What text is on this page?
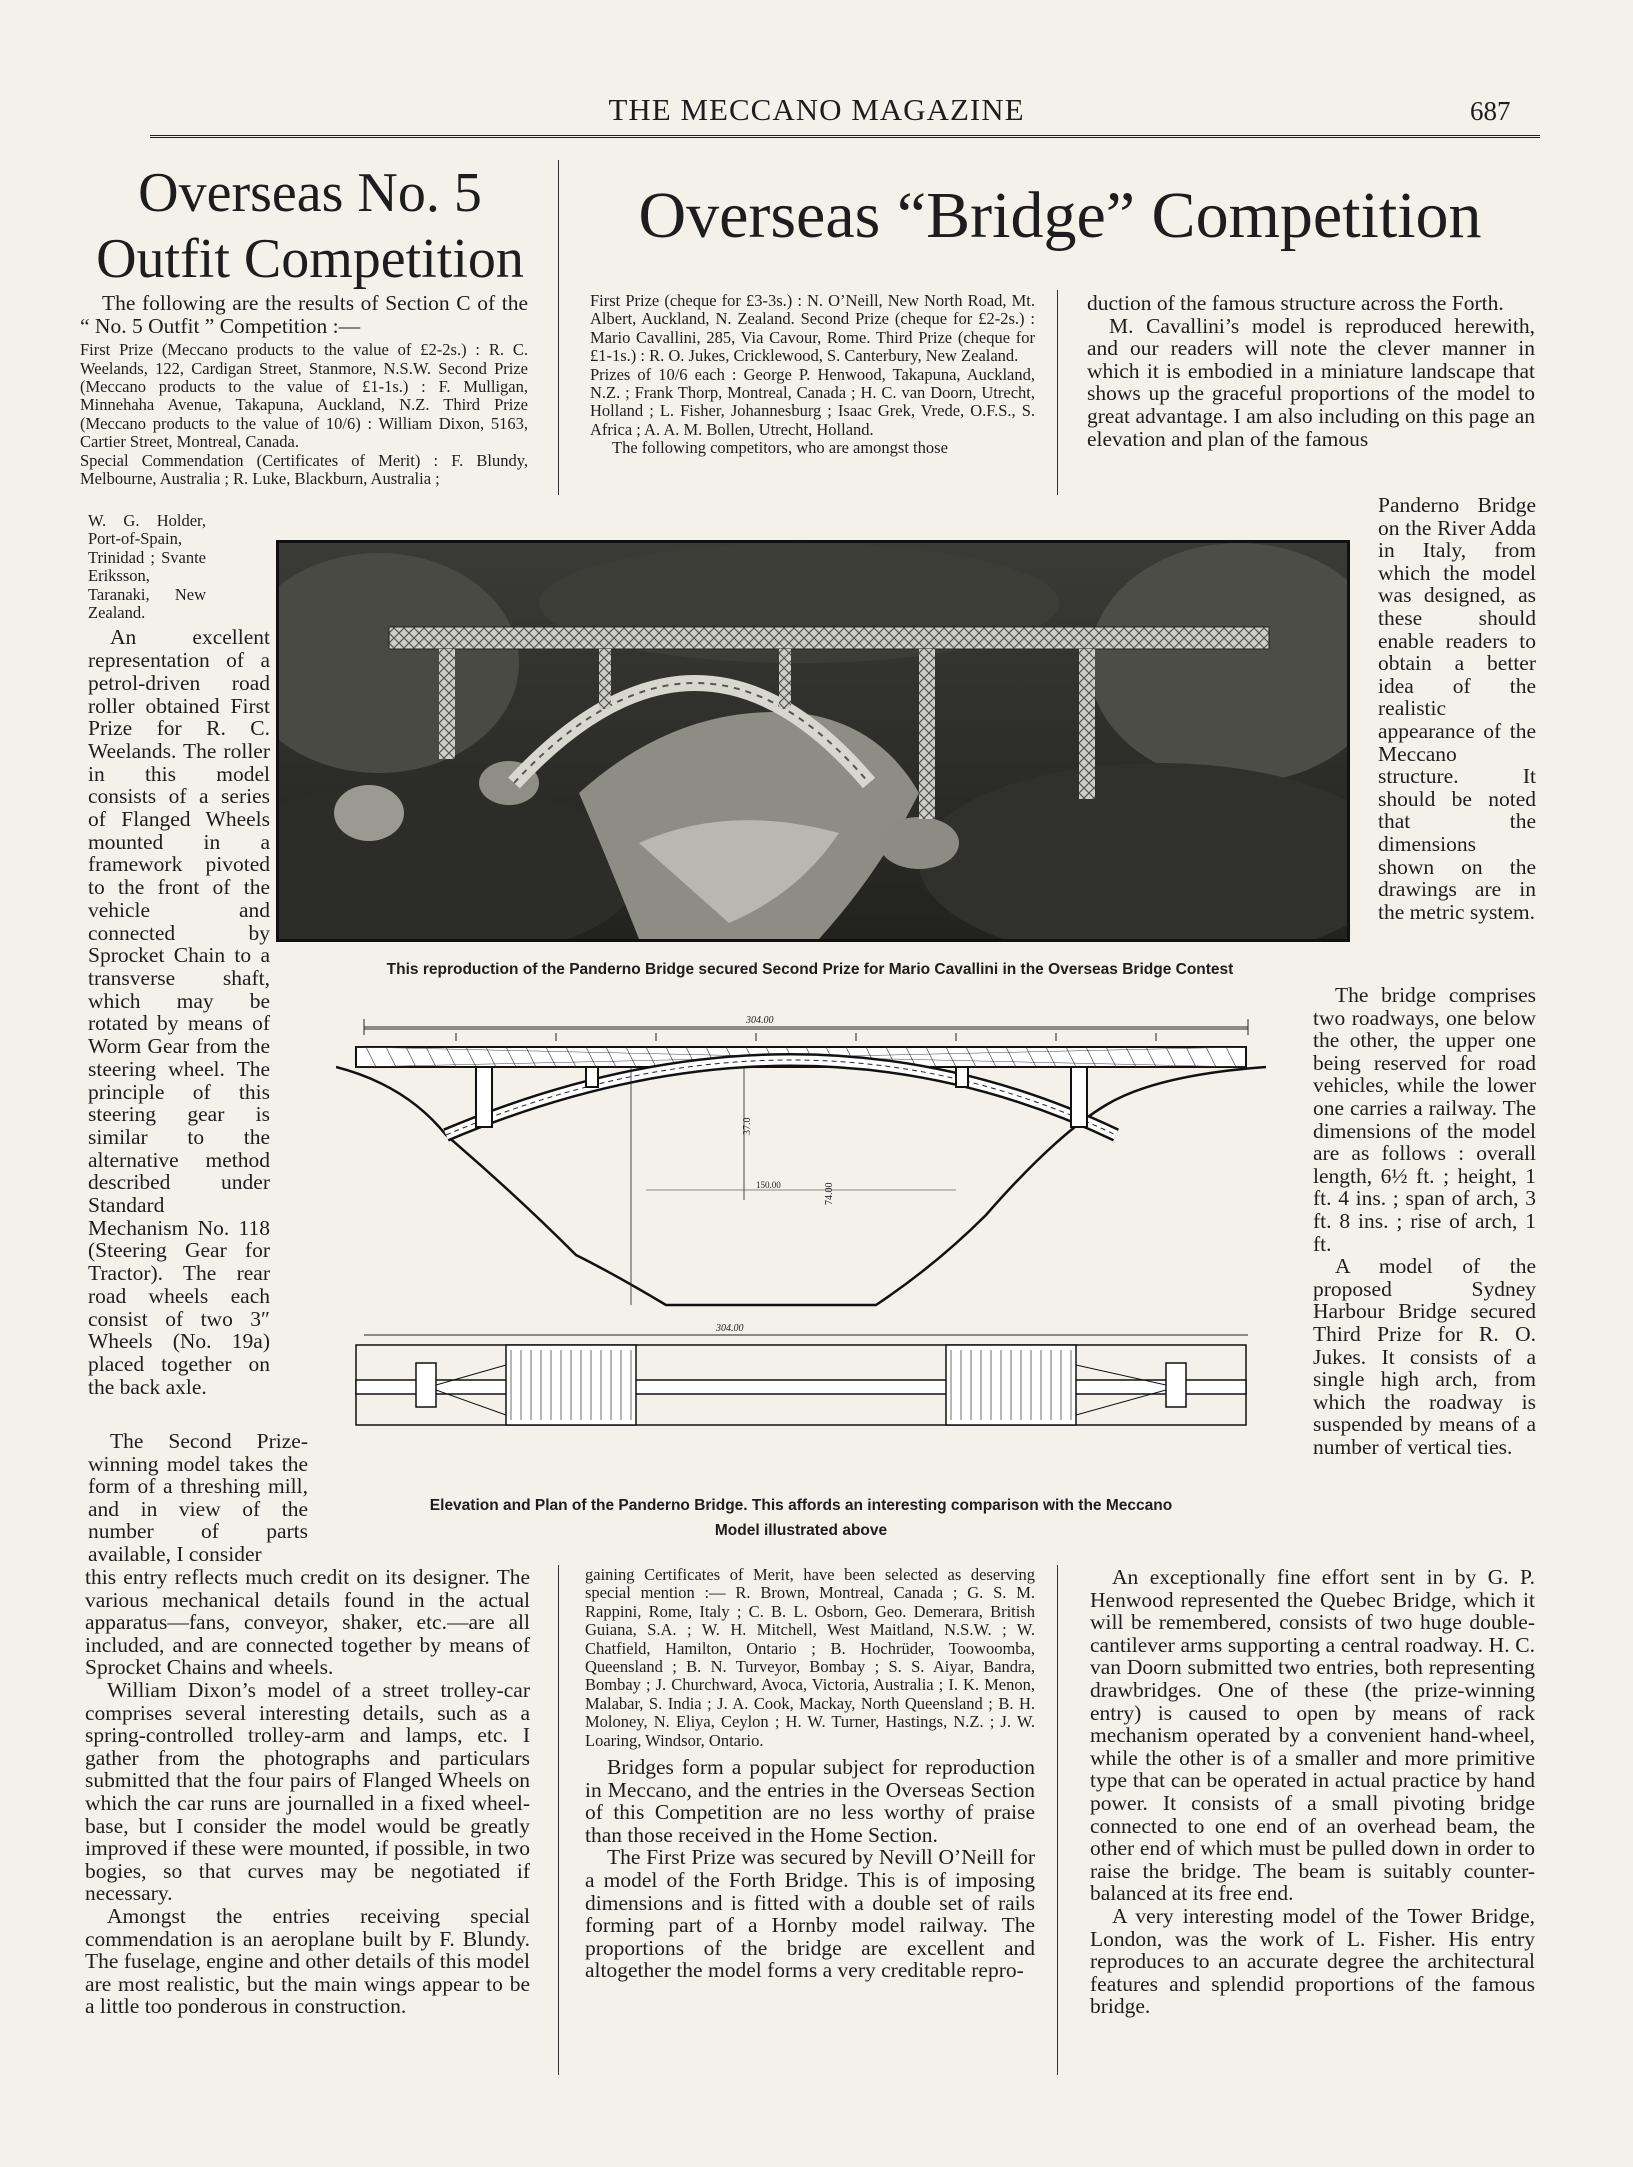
THE MECCANO MAGAZINE	687
Overseas No. 5 Outfit Competition
Overseas “Bridge” Competition

The following are the results of Section C of the “ No. 5 Outfit ” Competition :—

First Prize (Meccano products to the value of £2-2s.) : R. C. Weelands, 122, Cardigan Street, Stanmore, N.S.W. Second Prize (Meccano products to the value of £1-1s.) : F. Mulligan, Minnehaha Avenue, Takapuna, Auckland, N.Z. Third Prize (Meccano products to the value of 10/6) : William Dixon, 5163, Cartier Street, Montreal, Canada.

Special Commendation (Certificates of Merit) : F. Blundy, Melbourne, Australia ; R. Luke, Blackburn, Australia ;

W. G. Holder, Port-of-Spain, Trinidad ; Svante Eriksson, Taranaki, New Zealand.

An excellent representation of a petrol-driven road roller obtained First Prize for R. C. Weelands. The roller in this model consists of a series of Flanged Wheels mounted in a framework pivoted to the front of the vehicle and connected by Sprocket Chain to a transverse shaft, which may be rotated by means of Worm Gear from the steering wheel. The principle of this steering gear is similar to the alternative method described under Standard Mechanism No. 118 (Steering Gear for Tractor). The rear road wheels each consist of two 3″ Wheels (No. 19a) placed together on the back axle.

The Second Prize-winning model takes the form of a threshing mill, and in view of the number of parts available, I consider

this entry reflects much credit on its designer. The various mechanical details found in the actual apparatus—fans, conveyor, shaker, etc.—are all included, and are connected together by means of Sprocket Chains and wheels.

William Dixon’s model of a street trolley-car comprises several interesting details, such as a spring-controlled trolley-arm and lamps, etc. I gather from the photographs and particulars submitted that the four pairs of Flanged Wheels on which the car runs are journalled in a fixed wheel-base, but I consider the model would be greatly improved if these were mounted, if possible, in two bogies, so that curves may be negotiated if necessary.

Amongst the entries receiving special commendation is an aeroplane built by F. Blundy. The fuselage, engine and other details of this model are most realistic, but the main wings appear to be a little too ponderous in construction.

First Prize (cheque for £3-3s.) : N. O’Neill, New North Road, Mt. Albert, Auckland, N. Zealand. Second Prize (cheque for £2-2s.) : Mario Cavallini, 285, Via Cavour, Rome. Third Prize (cheque for £1-1s.) : R. O. Jukes, Cricklewood, S. Canterbury, New Zealand.

Prizes of 10/6 each : George P. Henwood, Takapuna, Auckland, N.Z. ; Frank Thorp, Montreal, Canada ; H. C. van Doorn, Utrecht, Holland ; L. Fisher, Johannesburg ; Isaac Grek, Vrede, O.F.S., S. Africa ; A. A. M. Bollen, Utrecht, Holland.

The following competitors, who are amongst those

duction of the famous structure across the Forth.

M. Cavallini’s model is reproduced herewith, and our readers will note the clever manner in which it is embodied in a miniature landscape that shows up the graceful proportions of the model to great advantage. I am also including on this page an elevation and plan of the famous

Panderno Bridge on the River Adda in Italy, from which the model was designed, as these should enable readers to obtain a better idea of the realistic appearance of the Meccano structure. It should be noted that the dimensions shown on the drawings are in the metric system.

The bridge comprises two roadways, one below the other, the upper one being reserved for road vehicles, while the lower one carries a railway. The dimensions of the model are as follows : overall length, 6½ ft. ; height, 1 ft. 4 ins. ; span of arch, 3 ft. 8 ins. ; rise of arch, 1 ft.

A model of the proposed Sydney Harbour Bridge secured Third Prize for R. O. Jukes. It consists of a single high arch, from which the roadway is suspended by means of a number of vertical ties.

gaining Certificates of Merit, have been selected as deserving special mention :— R. Brown, Montreal, Canada ; G. S. M. Rappini, Rome, Italy ; C. B. L. Osborn, Geo. Demerara, British Guiana, S.A. ; W. H. Mitchell, West Maitland, N.S.W. ; W. Chatfield, Hamilton, Ontario ; B. Hochrüder, Toowoomba, Queensland ; B. N. Turveyor, Bombay ; S. S. Aiyar, Bandra, Bombay ; J. Churchward, Avoca, Victoria, Australia ; I. K. Menon, Malabar, S. India ; J. A. Cook, Mackay, North Queensland ; B. H. Moloney, N. Eliya, Ceylon ; H. W. Turner, Hastings, N.Z. ; J. W. Loaring, Windsor, Ontario.

Bridges form a popular subject for reproduction in Meccano, and the entries in the Overseas Section of this Competition are no less worthy of praise than those received in the Home Section.

The First Prize was secured by Nevill O’Neill for a model of the Forth Bridge. This is of imposing dimensions and is fitted with a double set of rails forming part of a Hornby model railway. The proportions of the bridge are excellent and altogether the model forms a very creditable repro-

An exceptionally fine effort sent in by G. P. Henwood represented the Quebec Bridge, which it will be remembered, consists of two huge double-cantilever arms supporting a central roadway. H. C. van Doorn submitted two entries, both representing drawbridges. One of these (the prize-winning entry) is caused to open by means of rack mechanism operated by a convenient hand-wheel, while the other is of a smaller and more primitive type that can be operated in actual practice by hand power. It consists of a small pivoting bridge connected to one end of an overhead beam, the other end of which must be pulled down in order to raise the bridge. The beam is suitably counter-balanced at its free end.

A very interesting model of the Tower Bridge, London, was the work of L. Fisher. His entry reproduces to an accurate degree the architectural features and splendid proportions of the famous bridge.

This reproduction of the Panderno Bridge secured Second Prize for Mario Cavallini in the Overseas Bridge Contest
304.00
37.0
74.00
150.00
304.00
Elevation and Plan of the Panderno Bridge. This affords an interesting comparison with the Meccano
Model illustrated above
